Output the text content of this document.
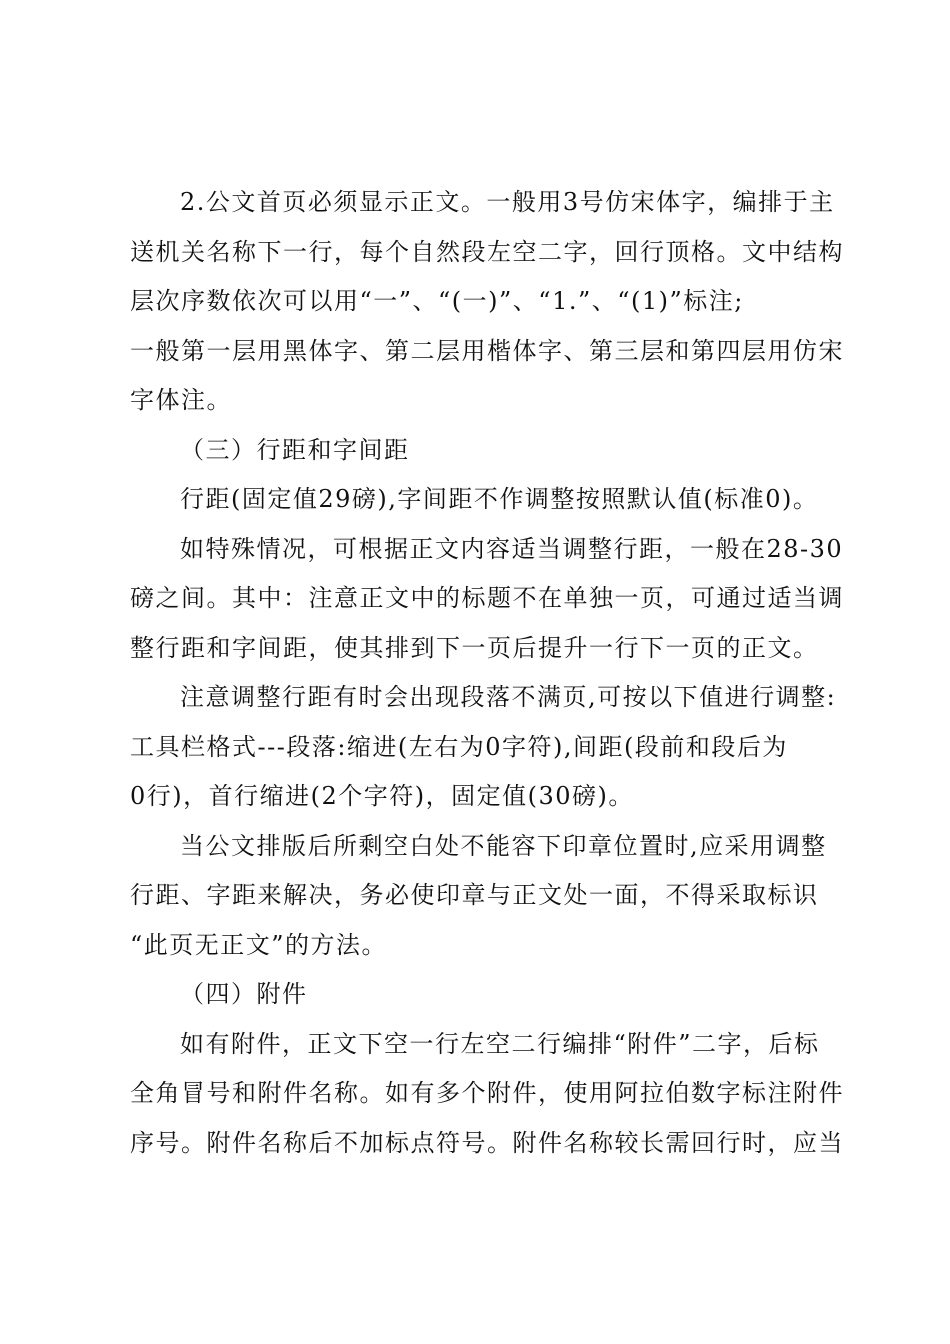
2.公文首页必须显示正文。一般用3号仿宋体字，编排于主
送机关名称下一行，每个自然段左空二字，回行顶格。文中结构
层次序数依次可以用“一”、“(一)”、“1.”、“(1)”标注;
一般第一层用黑体字、第二层用楷体字、第三层和第四层用仿宋
字体注。

（三）行距和字间距

行距(固定值29磅),字间距不作调整按照默认值(标准0)。

如特殊情况，可根据正文内容适当调整行距，一般在28-30
磅之间。其中：注意正文中的标题不在单独一页，可通过适当调
整行距和字间距，使其排到下一页后提升一行下一页的正文。

注意调整行距有时会出现段落不满页,可按以下值进行调整:
工具栏格式---段落:缩进(左右为0字符),间距(段前和段后为
0行)，首行缩进(2个字符)，固定值(30磅)。

当公文排版后所剩空白处不能容下印章位置时,应采用调整
行距、字距来解决，务必使印章与正文处一面，不得采取标识
“此页无正文”的方法。

（四）附件

如有附件，正文下空一行左空二行编排“附件”二字，后标
全角冒号和附件名称。如有多个附件，使用阿拉伯数字标注附件
序号。附件名称后不加标点符号。附件名称较长需回行时，应当
